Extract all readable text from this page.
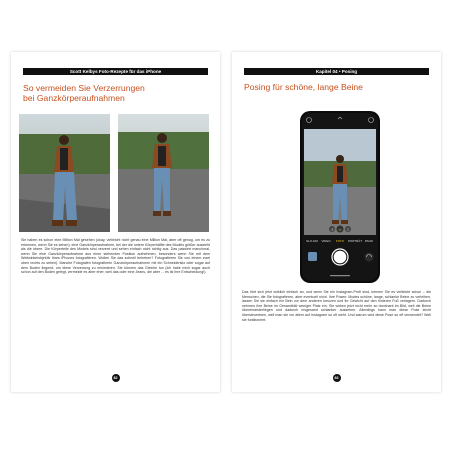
Scott Kelbys Foto-Rezepte für das iPhone
So vermeiden Sie Verzerrungen
bei Ganzkörperaufnahmen
Sie haben es schon eine Million Mal gesehen (okay, vielleicht nicht genau eine Million Mal, aber oft genug, um es zu erkennen, wenn Sie es sehen): eine Ganzkörperaufnahme, bei der die untere Körperhälfte des Models größer aussieht als die obere. Die Körperteile des Models sind verzerrt und sehen einfach nicht richtig aus. Das passiert manchmal, wenn Sie eine Ganzkörperaufnahme aus einer stehenden Position aufnehmen, besonders wenn Sie mit dem Weitwinkelobjektiv Ihres iPhones fotografieren. Wollen Sie das schnell beheben? Fotografieren Sie von einem zwei oben rechts zu sehen). Manche Fotografen fotografieren Ganzkörperaufnahmen mit ein Schneidersitz oder sogar auf dem Boden liegend, um diese Verzerrung zu minimieren. Sie können das Gleiche tun (ich habe mich sogar auch schon auf den Boden gelegt, vermeide es aber eher, weil das oder eine Jeans, die aber ... es ist ihre Entscheidung!).
82
Kapitel 04 • Posing
Posing für schöne, lange Beine
.5 1x 2
SLO-MO VIDEO FOTO PORTRÄT PANO
Das hört sich jetzt wirklich einfach an, und wenn Sie ein Instagram-Profi sind, kennen Sie es vielleicht schon – die Menschen, die Sie fotografieren, aber eventuell nicht. Ihre Posen: Modes schöne, lange, schlanke Beine zu verleihen, lassen Sie sie einfach ein Bein vor dem anderen kreuzen und ihr Gewicht auf den hinteren Fuß verlagern. Dadurch nehmen ihre Beine im Gesamtbild weniger Platz ein. Sie wirken jetzt nicht mehr so dominant im Bild, weil die Beine übereinanderliegen und dadurch insgesamt schlanker aussehen. Allerdings kann man diese Pose leicht übersteuertsen, weil man sie vor allem auf Instagram so oft sieht. Und warum wird diese Pose so oft verwendet? Weil sie funktioniert.
83
